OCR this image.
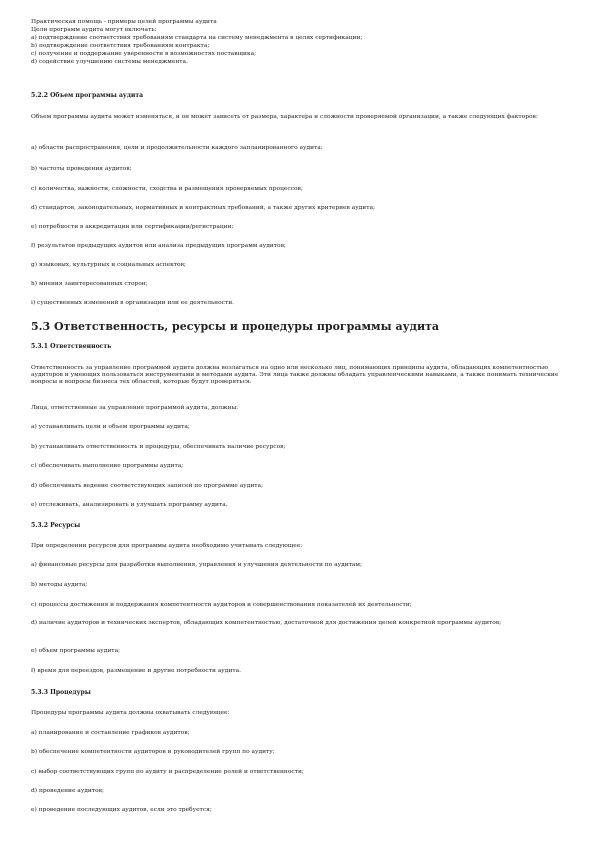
Практическая помощь - примеры целей программы аудита
Цели программ аудита могут включать:
a) подтверждение соответствия требованиям стандарта на систему менеджмента в целях сертификации;
b) подтверждение соответствия требованиям контракта;
c) получение и поддержание уверенности в возможностях поставщика;
d) содействие улучшению системы менеджмента.
5.2.2 Объем программы аудита
Объем программы аудита может изменяться, и он может зависеть от размера, характера и сложности проверяемой организации, а также следующих факторов:
а) области распространения, цели и продолжительности каждого запланированного аудита;
b) частоты проведения аудитов;
c) количества, важности, сложности, сходства и размещения проверяемых процессов;
d) стандартов, законодательных, нормативных и контрактных требований, а также других критериев аудита;
e) потребности в аккредитации или сертификации/регистрации;
f) результатов предыдущих аудитов или анализа предыдущих программ аудитов;
g) языковых, культурных и социальных аспектов;
h) мнения заинтересованных сторон;
i) существенных изменений в организации или ее деятельности.
5.3 Ответственность, ресурсы и процедуры программы аудита
5.3.1 Ответственность
Ответственность за управление программой аудита должна возлагаться на одно или несколько лиц, понимающих принципы аудита, обладающих компетентностью аудиторов и умеющих пользоваться инструментами и методами аудита. Эти лица также должны обладать управленческими навыками, а также понимать технические вопросы и вопросы бизнеса тех областей, которые будут проверяться.
Лица, ответственные за управление программой аудита, должны:
a) устанавливать цели и объем программы аудита;
b) устанавливать ответственность и процедуры, обеспечивать наличие ресурсов;
c) обеспечивать выполнение программы аудита;
d) обеспечивать ведение соответствующих записей по программе аудита;
e) отслеживать, анализировать и улучшать программу аудита.
5.3.2 Ресурсы
При определении ресурсов для программы аудита необходимо учитывать следующее:
a) финансовые ресурсы для разработки выполнения, управления и улучшения деятельности по аудитам;
b) методы аудита;
c) процессы достижения и поддержания компетентности аудиторов и совершенствования показателей их деятельности;
d) наличие аудиторов и технических экспертов, обладающих компетентностью, достаточной для достижения целей конкретной программы аудитов;
e) объем программы аудита;
f) время для переездов, размещение и другие потребности аудита.
5.3.3 Процедуры
Процедуры программы аудита должны охватывать следующее:
a) планирование и составление графиков аудитов;
b) обеспечение компетентности аудиторов и руководителей групп по аудиту;
c) выбор соответствующих групп по аудиту и распределение ролей и ответственности;
d) проведение аудитов;
e) проведение последующих аудитов, если это требуется;
